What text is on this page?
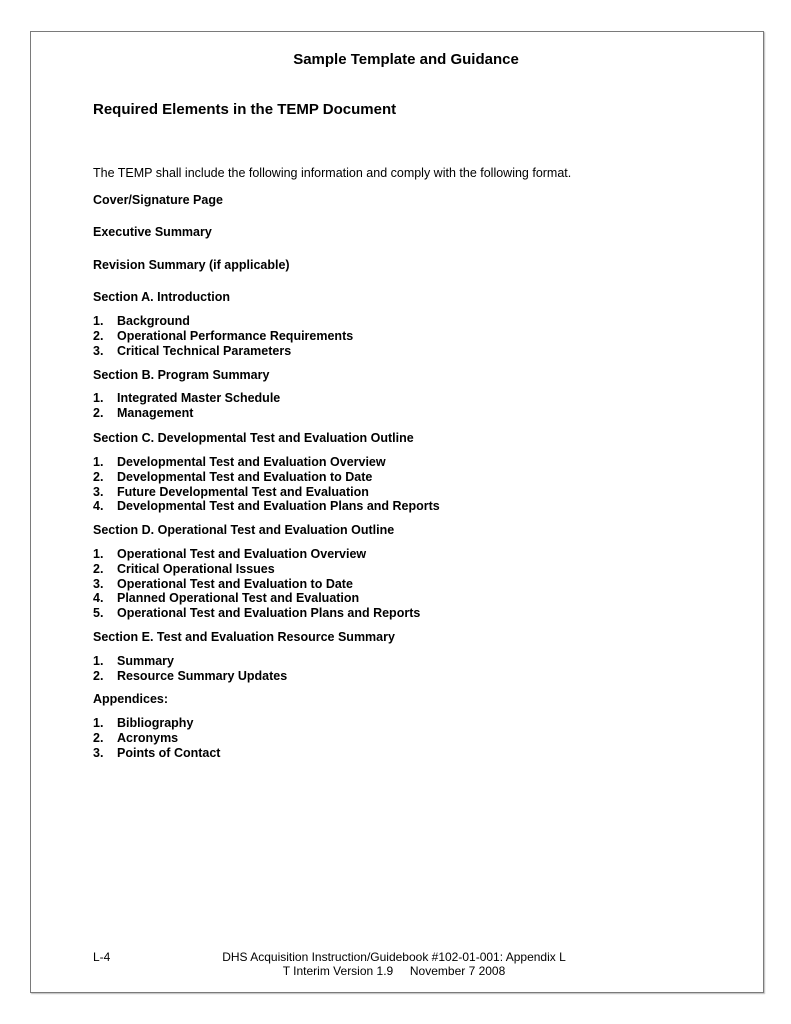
Sample Template and Guidance
Required Elements in the TEMP Document
The TEMP shall include the following information and comply with the following format.
Cover/Signature Page
Executive Summary
Revision Summary (if applicable)
Section A. Introduction
1. Background
2. Operational Performance Requirements
3. Critical Technical Parameters
Section B. Program Summary
1. Integrated Master Schedule
2. Management
Section C. Developmental Test and Evaluation Outline
1. Developmental Test and Evaluation Overview
2. Developmental Test and Evaluation to Date
3. Future Developmental Test and Evaluation
4. Developmental Test and Evaluation Plans and Reports
Section D. Operational Test and Evaluation Outline
1. Operational Test and Evaluation Overview
2. Critical Operational Issues
3. Operational Test and Evaluation to Date
4. Planned Operational Test and Evaluation
5. Operational Test and Evaluation Plans and Reports
Section E. Test and Evaluation Resource Summary
1. Summary
2. Resource Summary Updates
Appendices:
1. Bibliography
2. Acronyms
3. Points of Contact
L-4	DHS Acquisition Instruction/Guidebook #102-01-001: Appendix L
T Interim Version 1.9     November 7 2008
